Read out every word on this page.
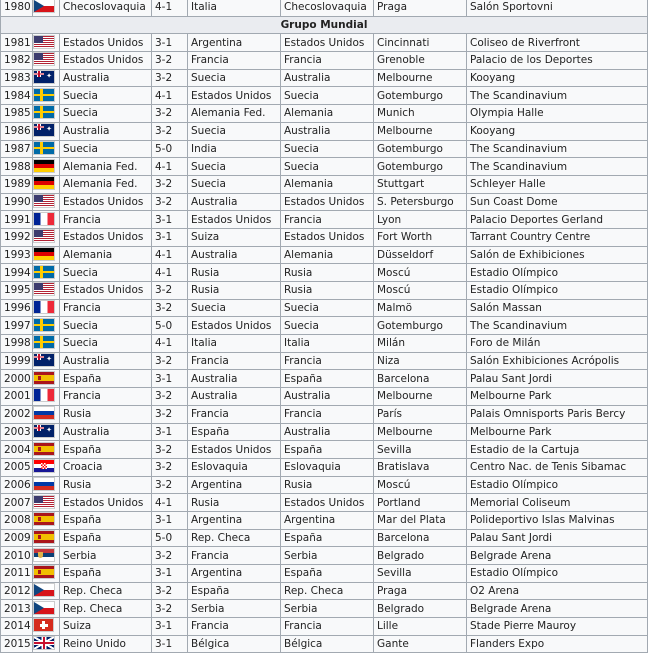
1980		Checoslovaquia	4-1	Italia	Checoslovaquia	Praga	Salón Sportovni
Grupo Mundial							
1981		Estados Unidos	3-1	Argentina	Estados Unidos	Cincinnati	Coliseo de Riverfront
1982		Estados Unidos	3-2	Francia	Francia	Grenoble	Palacio de los Deportes
1983	✦	Australia	3-2	Suecia	Australia	Melbourne	Kooyang
1984		Suecia	4-1	Estados Unidos	Suecia	Gotemburgo	The Scandinavium
1985		Suecia	3-2	Alemania Fed.	Alemania	Munich	Olympia Halle
1986	✦	Australia	3-2	Suecia	Australia	Melbourne	Kooyang
1987		Suecia	5-0	India	Suecia	Gotemburgo	The Scandinavium
1988		Alemania Fed.	4-1	Suecia	Suecia	Gotemburgo	The Scandinavium
1989		Alemania Fed.	3-2	Suecia	Alemania	Stuttgart	Schleyer Halle
1990		Estados Unidos	3-2	Australia	Estados Unidos	S. Petersburgo	Sun Coast Dome
1991		Francia	3-1	Estados Unidos	Francia	Lyon	Palacio Deportes Gerland
1992		Estados Unidos	3-1	Suiza	Estados Unidos	Fort Worth	Tarrant Country Centre
1993		Alemania	4-1	Australia	Alemania	Düsseldorf	Salón de Exhibiciones
1994		Suecia	4-1	Rusia	Rusia	Moscú	Estadio Olímpico
1995		Estados Unidos	3-2	Rusia	Rusia	Moscú	Estadio Olímpico
1996		Francia	3-2	Suecia	Suecia	Malmö	Salón Massan
1997		Suecia	5-0	Estados Unidos	Suecia	Gotemburgo	The Scandinavium
1998		Suecia	4-1	Italia	Italia	Milán	Foro de Milán
1999	✦	Australia	3-2	Francia	Francia	Niza	Salón Exhibiciones Acrópolis
2000		España	3-1	Australia	España	Barcelona	Palau Sant Jordi
2001		Francia	3-2	Australia	Australia	Melbourne	Melbourne Park
2002		Rusia	3-2	Francia	Francia	París	Palais Omnisports Paris Bercy
2003	✦	Australia	3-1	España	Australia	Melbourne	Melbourne Park
2004		España	3-2	Estados Unidos	España	Sevilla	Estadio de la Cartuja
2005		Croacia	3-2	Eslovaquia	Eslovaquia	Bratislava	Centro Nac. de Tenis Sibamac
2006		Rusia	3-2	Argentina	Rusia	Moscú	Estadio Olímpico
2007		Estados Unidos	4-1	Rusia	Estados Unidos	Portland	Memorial Coliseum
2008		España	3-1	Argentina	Argentina	Mar del Plata	Polideportivo Islas Malvinas
2009		España	5-0	Rep. Checa	España	Barcelona	Palau Sant Jordi
2010		Serbia	3-2	Francia	Serbia	Belgrado	Belgrade Arena
2011		España	3-1	Argentina	España	Sevilla	Estadio Olímpico
2012		Rep. Checa	3-2	España	Rep. Checa	Praga	O2 Arena
2013		Rep. Checa	3-2	Serbia	Serbia	Belgrado	Belgrade Arena
2014		Suiza	3-1	Francia	Francia	Lille	Stade Pierre Mauroy
2015		Reino Unido	3-1	Bélgica	Bélgica	Gante	Flanders Expo
